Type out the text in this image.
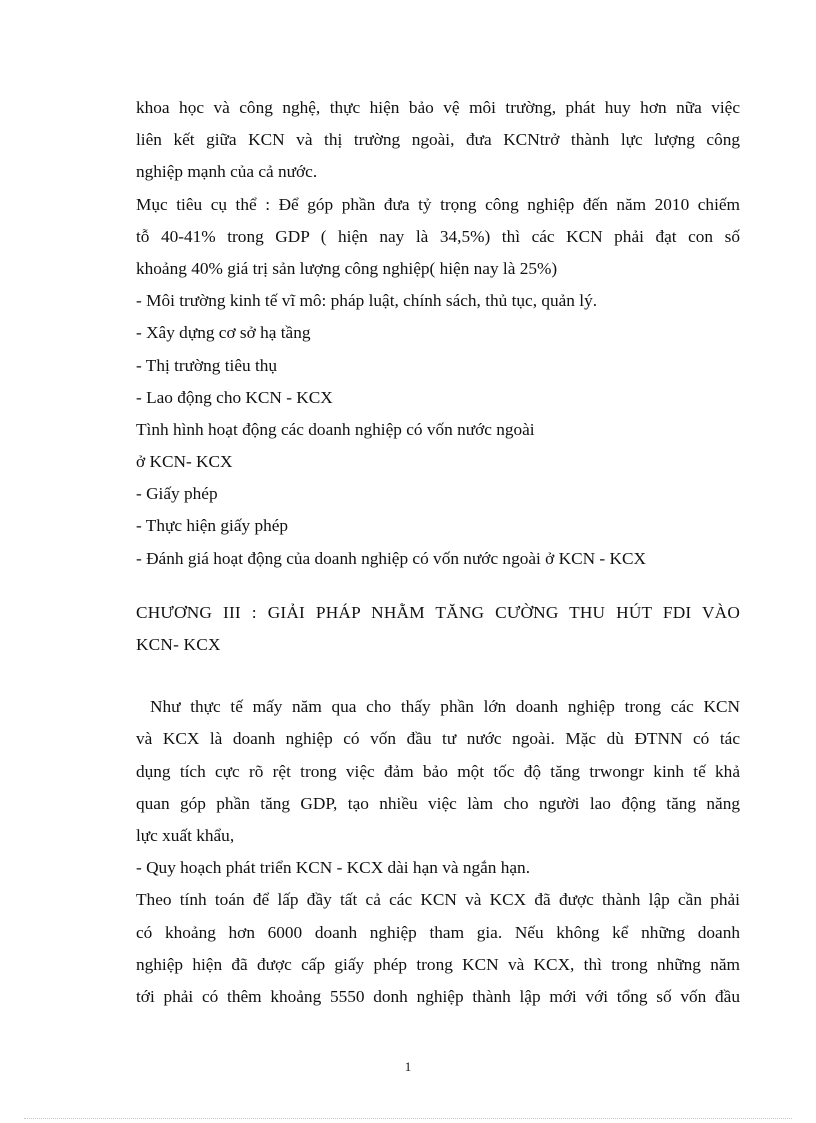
khoa học và công nghệ, thực hiện bảo vệ môi trường, phát huy hơn nữa việc
liên kết giữa KCN và thị trường ngoài, đưa KCNtrở thành lực lượng công
nghiệp mạnh của cả nước.
Mục tiêu cụ thể : Để góp phần đưa tỷ trọng công nghiệp đến năm 2010 chiếm
tỗ 40-41% trong GDP ( hiện nay là 34,5%) thì các KCN phải đạt con số
khoảng 40% giá trị sản lượng công nghiệp( hiện nay là 25%)
- Môi trường kinh tế vĩ mô: pháp luật, chính sách, thủ tục, quản lý.
- Xây dựng cơ sở hạ tầng
- Thị trường tiêu thụ
- Lao động cho KCN - KCX
Tình hình hoạt động các doanh nghiệp có vốn nước ngoài
ở KCN- KCX
- Giấy phép
- Thực hiện giấy phép
- Đánh giá hoạt động của doanh nghiệp có vốn nước ngoài ở KCN - KCX
CHƯƠNG III : GIẢI PHÁP NHẰM TĂNG CƯỜNG THU HÚT FDI VÀO
KCN- KCX
Như thực tế mấy năm qua cho thấy phần lớn doanh nghiệp trong các KCN
và KCX là doanh nghiệp có vốn đầu tư nước ngoài. Mặc dù ĐTNN có tác
dụng tích cực rõ rệt trong việc đảm bảo một tốc độ tăng trwongr kinh tế khả
quan góp phần tăng GDP, tạo nhiều việc làm cho người lao động tăng năng
lực xuất khẩu,
- Quy hoạch phát triển KCN - KCX dài hạn và ngắn hạn.
Theo tính toán để lấp đầy tất cả các KCN và KCX đã được thành lập cần phải
có khoảng hơn 6000 doanh nghiệp tham gia. Nếu không kể những doanh
nghiệp hiện đã được cấp giấy phép trong KCN và KCX, thì trong những năm
tới phải có thêm khoảng 5550 donh nghiệp thành lập mới với tổng số vốn đầu
1
